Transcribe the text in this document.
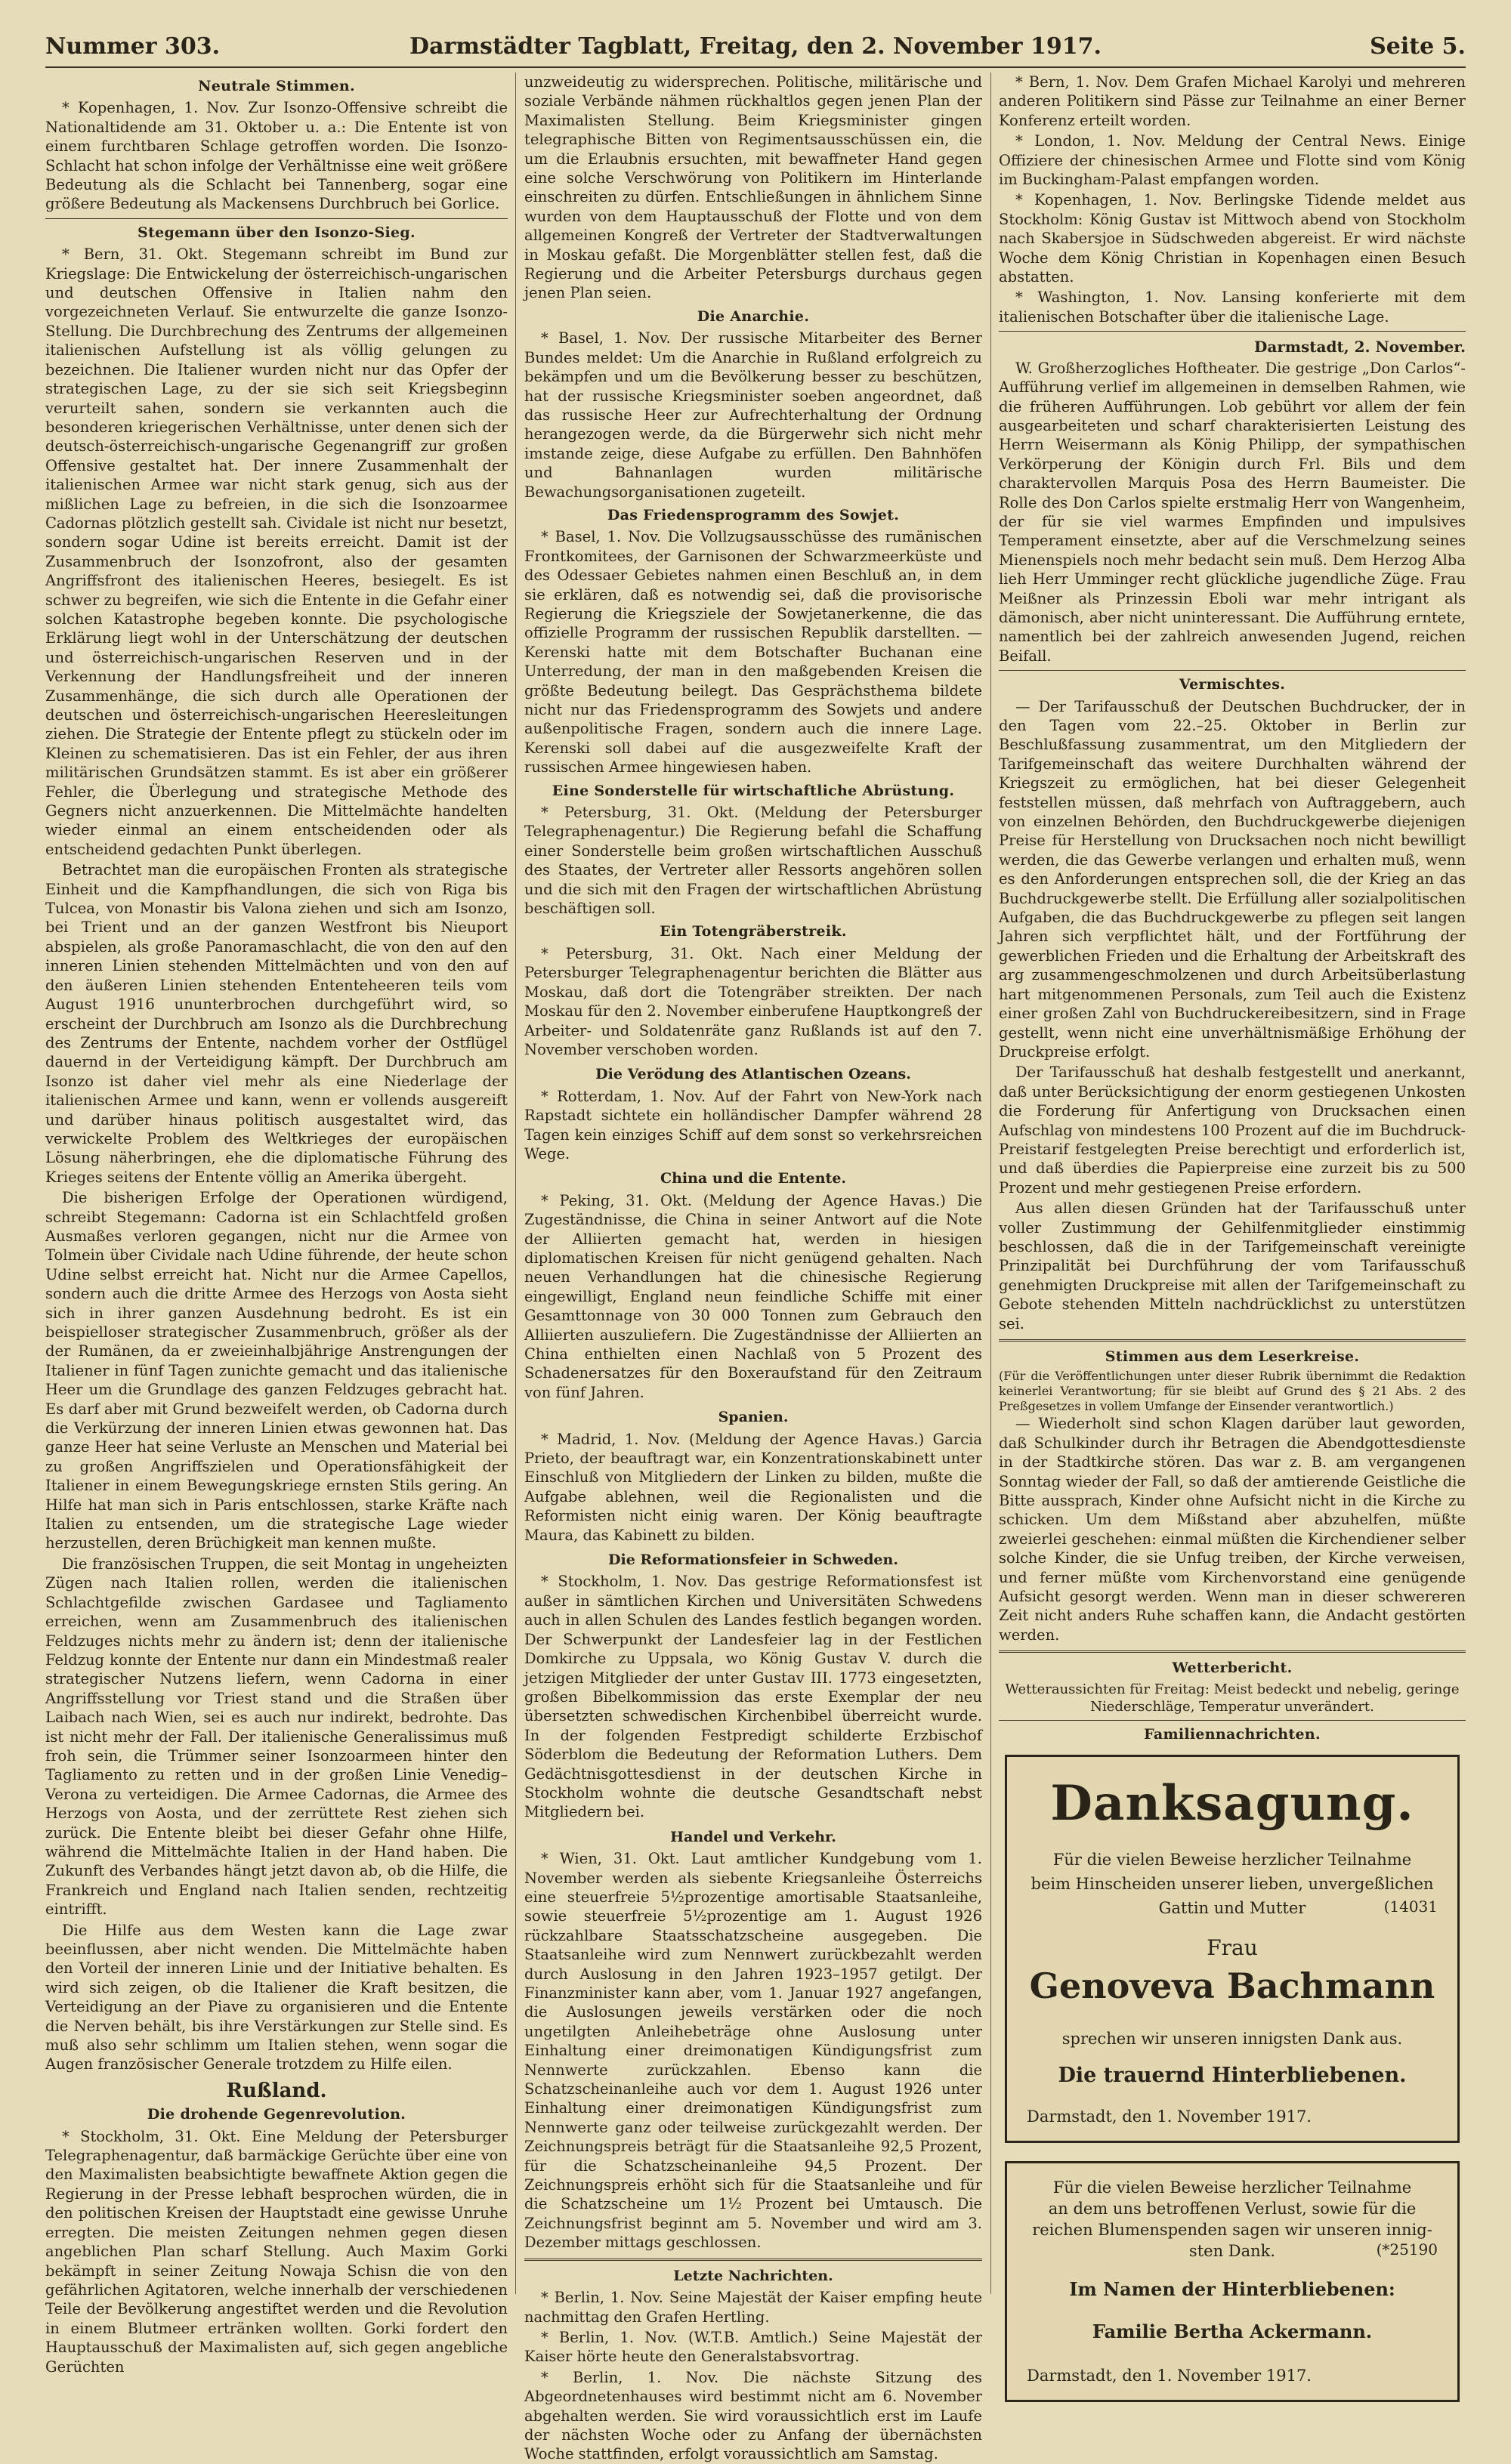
Nummer 303.	Darmstädter Tagblatt, Freitag, den 2. November 1917.	Seite 5.
Neutrale Stimmen.

* Kopenhagen, 1. Nov. Zur Isonzo-Offensive schreibt die Nationaltidende am 31. Oktober u. a.: Die Entente ist von einem furchtbaren Schlage getroffen worden. Die Isonzo-Schlacht hat schon infolge der Verhältnisse eine weit größere Bedeutung als die Schlacht bei Tannenberg, sogar eine größere Bedeutung als Mackensens Durchbruch bei Gorlice.

Stegemann über den Isonzo-Sieg.

* Bern, 31. Okt. Stegemann schreibt im Bund zur Kriegslage: Die Entwickelung der österreichisch-ungarischen und deutschen Offensive in Italien nahm den vorgezeichneten Verlauf. Sie entwurzelte die ganze Isonzo-Stellung. Die Durchbrechung des Zentrums der allgemeinen italienischen Aufstellung ist als völlig gelungen zu bezeichnen. Die Italiener wurden nicht nur das Opfer der strategischen Lage, zu der sie sich seit Kriegsbeginn verurteilt sahen, sondern sie verkannten auch die besonderen kriegerischen Verhältnisse, unter denen sich der deutsch-österreichisch-ungarische Gegenangriff zur großen Offensive gestaltet hat. Der innere Zusammenhalt der italienischen Armee war nicht stark genug, sich aus der mißlichen Lage zu befreien, in die sich die Isonzoarmee Cadornas plötzlich gestellt sah. Cividale ist nicht nur besetzt, sondern sogar Udine ist bereits erreicht. Damit ist der Zusammenbruch der Isonzofront, also der gesamten Angriffsfront des italienischen Heeres, besiegelt. Es ist schwer zu begreifen, wie sich die Entente in die Gefahr einer solchen Katastrophe begeben konnte. Die psychologische Erklärung liegt wohl in der Unterschätzung der deutschen und österreichisch-ungarischen Reserven und in der Verkennung der Handlungsfreiheit und der inneren Zusammenhänge, die sich durch alle Operationen der deutschen und österreichisch-ungarischen Heeresleitungen ziehen. Die Strategie der Entente pflegt zu stückeln oder im Kleinen zu schematisieren. Das ist ein Fehler, der aus ihren militärischen Grundsätzen stammt. Es ist aber ein größerer Fehler, die Überlegung und strategische Methode des Gegners nicht anzuerkennen. Die Mittelmächte handelten wieder einmal an einem entscheidenden oder als entscheidend gedachten Punkt überlegen.

Betrachtet man die europäischen Fronten als strategische Einheit und die Kampfhandlungen, die sich von Riga bis Tulcea, von Monastir bis Valona ziehen und sich am Isonzo, bei Trient und an der ganzen Westfront bis Nieuport abspielen, als große Panoramaschlacht, die von den auf den inneren Linien stehenden Mittelmächten und von den auf den äußeren Linien stehenden Ententeheeren teils vom August 1916 ununterbrochen durchgeführt wird, so erscheint der Durchbruch am Isonzo als die Durchbrechung des Zentrums der Entente, nachdem vorher der Ostflügel dauernd in der Verteidigung kämpft. Der Durchbruch am Isonzo ist daher viel mehr als eine Niederlage der italienischen Armee und kann, wenn er vollends ausgereift und darüber hinaus politisch ausgestaltet wird, das verwickelte Problem des Weltkrieges der europäischen Lösung näherbringen, ehe die diplomatische Führung des Krieges seitens der Entente völlig an Amerika übergeht.

Die bisherigen Erfolge der Operationen würdigend, schreibt Stegemann: Cadorna ist ein Schlachtfeld großen Ausmaßes verloren gegangen, nicht nur die Armee von Tolmein über Cividale nach Udine führende, der heute schon Udine selbst erreicht hat. Nicht nur die Armee Capellos, sondern auch die dritte Armee des Herzogs von Aosta sieht sich in ihrer ganzen Ausdehnung bedroht. Es ist ein beispielloser strategischer Zusammenbruch, größer als der der Rumänen, da er zweieinhalbjährige Anstrengungen der Italiener in fünf Tagen zunichte gemacht und das italienische Heer um die Grundlage des ganzen Feldzuges gebracht hat. Es darf aber mit Grund bezweifelt werden, ob Cadorna durch die Verkürzung der inneren Linien etwas gewonnen hat. Das ganze Heer hat seine Verluste an Menschen und Material bei zu großen Angriffszielen und Operationsfähigkeit der Italiener in einem Bewegungskriege ernsten Stils gering. An Hilfe hat man sich in Paris entschlossen, starke Kräfte nach Italien zu entsenden, um die strategische Lage wieder herzustellen, deren Brüchigkeit man kennen mußte.

Die französischen Truppen, die seit Montag in ungeheizten Zügen nach Italien rollen, werden die italienischen Schlachtgefilde zwischen Gardasee und Tagliamento erreichen, wenn am Zusammenbruch des italienischen Feldzuges nichts mehr zu ändern ist; denn der italienische Feldzug konnte der Entente nur dann ein Mindestmaß realer strategischer Nutzens liefern, wenn Cadorna in einer Angriffsstellung vor Triest stand und die Straßen über Laibach nach Wien, sei es auch nur indirekt, bedrohte. Das ist nicht mehr der Fall. Der italienische Generalissimus muß froh sein, die Trümmer seiner Isonzoarmeen hinter den Tagliamento zu retten und in der großen Linie Venedig–Verona zu verteidigen. Die Armee Cadornas, die Armee des Herzogs von Aosta, und der zerrüttete Rest ziehen sich zurück. Die Entente bleibt bei dieser Gefahr ohne Hilfe, während die Mittelmächte Italien in der Hand haben. Die Zukunft des Verbandes hängt jetzt davon ab, ob die Hilfe, die Frankreich und England nach Italien senden, rechtzeitig eintrifft.

Die Hilfe aus dem Westen kann die Lage zwar beeinflussen, aber nicht wenden. Die Mittelmächte haben den Vorteil der inneren Linie und der Initiative behalten. Es wird sich zeigen, ob die Italiener die Kraft besitzen, die Verteidigung an der Piave zu organisieren und die Entente die Nerven behält, bis ihre Verstärkungen zur Stelle sind. Es muß also sehr schlimm um Italien stehen, wenn sogar die Augen französischer Generale trotzdem zu Hilfe eilen.

Rußland.
Die drohende Gegenrevolution.

* Stockholm, 31. Okt. Eine Meldung der Petersburger Telegraphenagentur, daß barmäckige Gerüchte über eine von den Maximalisten beabsichtigte bewaffnete Aktion gegen die Regierung in der Presse lebhaft besprochen würden, die in den politischen Kreisen der Hauptstadt eine gewisse Unruhe erregten. Die meisten Zeitungen nehmen gegen diesen angeblichen Plan scharf Stellung. Auch Maxim Gorki bekämpft in seiner Zeitung Nowaja Schisn die von den gefährlichen Agitatoren, welche innerhalb der verschiedenen Teile der Bevölkerung angestiftet werden und die Revolution in einem Blutmeer ertränken wollten. Gorki fordert den Hauptausschuß der Maximalisten auf, sich gegen angebliche Gerüchten

unzweideutig zu widersprechen. Politische, militärische und soziale Verbände nähmen rückhaltlos gegen jenen Plan der Maximalisten Stellung. Beim Kriegsminister gingen telegraphische Bitten von Regimentsausschüssen ein, die um die Erlaubnis ersuchten, mit bewaffneter Hand gegen eine solche Verschwörung von Politikern im Hinterlande einschreiten zu dürfen. Entschließungen in ähnlichem Sinne wurden von dem Hauptausschuß der Flotte und von dem allgemeinen Kongreß der Vertreter der Stadtverwaltungen in Moskau gefaßt. Die Morgenblätter stellen fest, daß die Regierung und die Arbeiter Petersburgs durchaus gegen jenen Plan seien.

Die Anarchie.

* Basel, 1. Nov. Der russische Mitarbeiter des Berner Bundes meldet: Um die Anarchie in Rußland erfolgreich zu bekämpfen und um die Bevölkerung besser zu beschützen, hat der russische Kriegsminister soeben angeordnet, daß das russische Heer zur Aufrechterhaltung der Ordnung herangezogen werde, da die Bürgerwehr sich nicht mehr imstande zeige, diese Aufgabe zu erfüllen. Den Bahnhöfen und Bahnanlagen wurden militärische Bewachungsorganisationen zugeteilt.

Das Friedensprogramm des Sowjet.

* Basel, 1. Nov. Die Vollzugsausschüsse des rumänischen Frontkomitees, der Garnisonen der Schwarzmeerküste und des Odessaer Gebietes nahmen einen Beschluß an, in dem sie erklären, daß es notwendig sei, daß die provisorische Regierung die Kriegsziele der Sowjetanerkenne, die das offizielle Programm der russischen Republik darstellten. — Kerenski hatte mit dem Botschafter Buchanan eine Unterredung, der man in den maßgebenden Kreisen die größte Bedeutung beilegt. Das Gesprächsthema bildete nicht nur das Friedensprogramm des Sowjets und andere außenpolitische Fragen, sondern auch die innere Lage. Kerenski soll dabei auf die ausgezweifelte Kraft der russischen Armee hingewiesen haben.

Eine Sonderstelle für wirtschaftliche Abrüstung.

* Petersburg, 31. Okt. (Meldung der Petersburger Telegraphenagentur.) Die Regierung befahl die Schaffung einer Sonderstelle beim großen wirtschaftlichen Ausschuß des Staates, der Vertreter aller Ressorts angehören sollen und die sich mit den Fragen der wirtschaftlichen Abrüstung beschäftigen soll.

Ein Totengräberstreik.

* Petersburg, 31. Okt. Nach einer Meldung der Petersburger Telegraphenagentur berichten die Blätter aus Moskau, daß dort die Totengräber streikten. Der nach Moskau für den 2. November einberufene Hauptkongreß der Arbeiter- und Soldatenräte ganz Rußlands ist auf den 7. November verschoben worden.

Die Verödung des Atlantischen Ozeans.

* Rotterdam, 1. Nov. Auf der Fahrt von New-York nach Rapstadt sichtete ein holländischer Dampfer während 28 Tagen kein einziges Schiff auf dem sonst so verkehrsreichen Wege.

China und die Entente.

* Peking, 31. Okt. (Meldung der Agence Havas.) Die Zugeständnisse, die China in seiner Antwort auf die Note der Alliierten gemacht hat, werden in hiesigen diplomatischen Kreisen für nicht genügend gehalten. Nach neuen Verhandlungen hat die chinesische Regierung eingewilligt, England neun feindliche Schiffe mit einer Gesamttonnage von 30 000 Tonnen zum Gebrauch den Alliierten auszuliefern. Die Zugeständnisse der Alliierten an China enthielten einen Nachlaß von 5 Prozent des Schadenersatzes für den Boxeraufstand für den Zeitraum von fünf Jahren.

Spanien.

* Madrid, 1. Nov. (Meldung der Agence Havas.) Garcia Prieto, der beauftragt war, ein Konzentrationskabinett unter Einschluß von Mitgliedern der Linken zu bilden, mußte die Aufgabe ablehnen, weil die Regionalisten und die Reformisten nicht einig waren. Der König beauftragte Maura, das Kabinett zu bilden.

Die Reformationsfeier in Schweden.

* Stockholm, 1. Nov. Das gestrige Reformationsfest ist außer in sämtlichen Kirchen und Universitäten Schwedens auch in allen Schulen des Landes festlich begangen worden. Der Schwerpunkt der Landesfeier lag in der Festlichen Domkirche zu Uppsala, wo König Gustav V. durch die jetzigen Mitglieder der unter Gustav III. 1773 eingesetzten, großen Bibelkommission das erste Exemplar der neu übersetzten schwedischen Kirchenbibel überreicht wurde. In der folgenden Festpredigt schilderte Erzbischof Söderblom die Bedeutung der Reformation Luthers. Dem Gedächtnisgottesdienst in der deutschen Kirche in Stockholm wohnte die deutsche Gesandtschaft nebst Mitgliedern bei.

Handel und Verkehr.

* Wien, 31. Okt. Laut amtlicher Kundgebung vom 1. November werden als siebente Kriegsanleihe Österreichs eine steuerfreie 5½prozentige amortisable Staatsanleihe, sowie steuerfreie 5½prozentige am 1. August 1926 rückzahlbare Staatsschatzscheine ausgegeben. Die Staatsanleihe wird zum Nennwert zurückbezahlt werden durch Auslosung in den Jahren 1923–1957 getilgt. Der Finanzminister kann aber, vom 1. Januar 1927 angefangen, die Auslosungen jeweils verstärken oder die noch ungetilgten Anleihebeträge ohne Auslosung unter Einhaltung einer dreimonatigen Kündigungsfrist zum Nennwerte zurückzahlen. Ebenso kann die Schatzscheinanleihe auch vor dem 1. August 1926 unter Einhaltung einer dreimonatigen Kündigungsfrist zum Nennwerte ganz oder teilweise zurückgezahlt werden. Der Zeichnungspreis beträgt für die Staatsanleihe 92,5 Prozent, für die Schatzscheinanleihe 94,5 Prozent. Der Zeichnungspreis erhöht sich für die Staatsanleihe und für die Schatzscheine um 1½ Prozent bei Umtausch. Die Zeichnungsfrist beginnt am 5. November und wird am 3. Dezember mittags geschlossen.

Letzte Nachrichten.

* Berlin, 1. Nov. Seine Majestät der Kaiser empfing heute nachmittag den Grafen Hertling.

* Berlin, 1. Nov. (W.T.B. Amtlich.) Seine Majestät der Kaiser hörte heute den Generalstabsvortrag.

* Berlin, 1. Nov. Die nächste Sitzung des Abgeordnetenhauses wird bestimmt nicht am 6. November abgehalten werden. Sie wird voraussichtlich erst im Laufe der nächsten Woche oder zu Anfang der übernächsten Woche stattfinden, erfolgt voraussichtlich am Samstag.

* Bern, 1. Nov. Dem Grafen Michael Karolyi und mehreren anderen Politikern sind Pässe zur Teilnahme an einer Berner Konferenz erteilt worden.

* London, 1. Nov. Meldung der Central News. Einige Offiziere der chinesischen Armee und Flotte sind vom König im Buckingham-Palast empfangen worden.

* Kopenhagen, 1. Nov. Berlingske Tidende meldet aus Stockholm: König Gustav ist Mittwoch abend von Stockholm nach Skabersjoe in Südschweden abgereist. Er wird nächste Woche dem König Christian in Kopenhagen einen Besuch abstatten.

* Washington, 1. Nov. Lansing konferierte mit dem italienischen Botschafter über die italienische Lage.

Darmstadt, 2. November.

W. Großherzogliches Hoftheater. Die gestrige „Don Carlos“-Aufführung verlief im allgemeinen in demselben Rahmen, wie die früheren Aufführungen. Lob gebührt vor allem der fein ausgearbeiteten und scharf charakterisierten Leistung des Herrn Weisermann als König Philipp, der sympathischen Verkörperung der Königin durch Frl. Bils und dem charaktervollen Marquis Posa des Herrn Baumeister. Die Rolle des Don Carlos spielte erstmalig Herr von Wangenheim, der für sie viel warmes Empfinden und impulsives Temperament einsetzte, aber auf die Verschmelzung seines Mienenspiels noch mehr bedacht sein muß. Dem Herzog Alba lieh Herr Umminger recht glückliche jugendliche Züge. Frau Meißner als Prinzessin Eboli war mehr intrigant als dämonisch, aber nicht uninteressant. Die Aufführung erntete, namentlich bei der zahlreich anwesenden Jugend, reichen Beifall.

Vermischtes.

— Der Tarifausschuß der Deutschen Buchdrucker, der in den Tagen vom 22.–25. Oktober in Berlin zur Beschlußfassung zusammentrat, um den Mitgliedern der Tarifgemeinschaft das weitere Durchhalten während der Kriegszeit zu ermöglichen, hat bei dieser Gelegenheit feststellen müssen, daß mehrfach von Auftraggebern, auch von einzelnen Behörden, den Buchdruckgewerbe diejenigen Preise für Herstellung von Drucksachen noch nicht bewilligt werden, die das Gewerbe verlangen und erhalten muß, wenn es den Anforderungen entsprechen soll, die der Krieg an das Buchdruckgewerbe stellt. Die Erfüllung aller sozialpolitischen Aufgaben, die das Buchdruckgewerbe zu pflegen seit langen Jahren sich verpflichtet hält, und der Fortführung der gewerblichen Frieden und die Erhaltung der Arbeitskraft des arg zusammengeschmolzenen und durch Arbeitsüberlastung hart mitgenommenen Personals, zum Teil auch die Existenz einer großen Zahl von Buchdruckereibesitzern, sind in Frage gestellt, wenn nicht eine unverhältnismäßige Erhöhung der Druckpreise erfolgt.

Der Tarifausschuß hat deshalb festgestellt und anerkannt, daß unter Berücksichtigung der enorm gestiegenen Unkosten die Forderung für Anfertigung von Drucksachen einen Aufschlag von mindestens 100 Prozent auf die im Buchdruck-Preistarif festgelegten Preise berechtigt und erforderlich ist, und daß überdies die Papierpreise eine zurzeit bis zu 500 Prozent und mehr gestiegenen Preise erfordern.

Aus allen diesen Gründen hat der Tarifausschuß unter voller Zustimmung der Gehilfenmitglieder einstimmig beschlossen, daß die in der Tarifgemeinschaft vereinigte Prinzipalität bei Durchführung der vom Tarifausschuß genehmigten Druckpreise mit allen der Tarifgemeinschaft zu Gebote stehenden Mitteln nachdrücklichst zu unterstützen sei.

Stimmen aus dem Leserkreise.
(Für die Veröffentlichungen unter dieser Rubrik übernimmt die Redaktion keinerlei Verantwortung; für sie bleibt auf Grund des § 21 Abs. 2 des Preßgesetzes in vollem Umfange der Einsender verantwortlich.)

— Wiederholt sind schon Klagen darüber laut geworden, daß Schulkinder durch ihr Betragen die Abendgottesdienste in der Stadtkirche stören. Das war z. B. am vergangenen Sonntag wieder der Fall, so daß der amtierende Geistliche die Bitte aussprach, Kinder ohne Aufsicht nicht in die Kirche zu schicken. Um dem Mißstand aber abzuhelfen, müßte zweierlei geschehen: einmal müßten die Kirchendiener selber solche Kinder, die sie Unfug treiben, der Kirche verweisen, und ferner müßte vom Kirchenvorstand eine genügende Aufsicht gesorgt werden. Wenn man in dieser schwereren Zeit nicht anders Ruhe schaffen kann, die Andacht gestörten werden.

Wetterbericht.
Wetteraussichten für Freitag: Meist bedeckt und nebelig, geringe Niederschläge, Temperatur unverändert.
Familiennachrichten.
Danksagung.
Für die vielen Beweise herzlicher Teilnahme
beim Hinscheiden unserer lieben, unvergeßlichen
Gattin und Mutter	(14031
Frau
Genoveva Bachmann
sprechen wir unseren innigsten Dank aus.
Die trauernd Hinterbliebenen.
Darmstadt, den 1. November 1917.
Für die vielen Beweise herzlicher Teilnahme
an dem uns betroffenen Verlust, sowie für die
reichen Blumenspenden sagen wir unseren innig-
sten Dank.	(*25190
Im Namen der Hinterbliebenen:
Familie Bertha Ackermann.
Darmstadt, den 1. November 1917.
